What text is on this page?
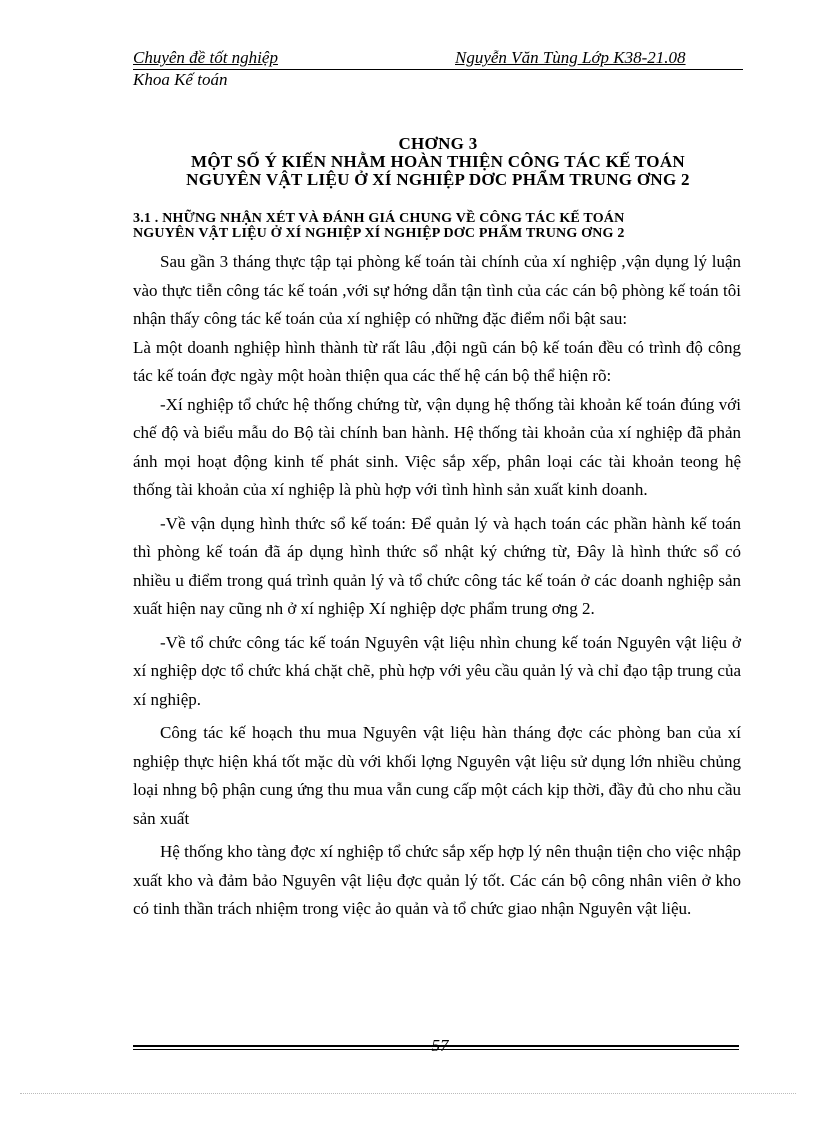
Chuyên đề tốt nghiệp	Nguyễn Văn Tùng Lớp K38-21.08
Khoa Kế toán
CHƠNG 3
MỘT SỐ Ý KIẾN NHẰM HOÀN THIỆN CÔNG TÁC KẾ TOÁN
NGUYÊN VẬT LIỆU Ở XÍ NGHIỆP DƠC PHẨM TRUNG ƠNG 2
3.1 . NHỮNG NHẬN XÉT VÀ ĐÁNH GIÁ CHUNG VỀ CÔNG TÁC KẾ TOÁN
NGUYÊN VẬT LIỆU Ở XÍ NGHIỆP XÍ NGHIỆP DƠC PHẨM TRUNG ƠNG 2

Sau gần 3 tháng thực tập tại phòng kế toán tài chính của xí nghiệp ,vận dụng lý luận vào thực tiễn công tác kế toán ,với sự hớng dẫn tận tình của các cán bộ phòng kế toán tôi nhận thấy công tác kế toán của xí nghiệp có những đặc điểm nổi bật sau:

Là một doanh nghiệp hình thành từ rất lâu ,đội ngũ cán bộ kế toán đều có trình độ công tác kế toán đợc ngày một hoàn thiện qua các thế hệ cán bộ thể hiện rõ:

-Xí nghiệp tổ chức hệ thống chứng từ, vận dụng hệ thống tài khoản kế toán đúng với chế độ và biểu mẫu do Bộ tài chính ban hành. Hệ thống tài khoản của xí nghiệp đã phản ánh mọi hoạt động kinh tế phát sinh. Việc sắp xếp, phân loại các tài khoản teong hệ thống tài khoản của xí nghiệp là phù hợp với tình hình sản xuất kinh doanh.

-Về vận dụng hình thức sổ kế toán: Để quản lý và hạch toán các phần hành kế toán thì phòng kế toán đã áp dụng hình thức sổ nhật ký chứng từ, Đây là hình thức sổ có nhiều u điểm trong quá trình quản lý và tổ chức công tác kế toán ở các doanh nghiệp sản xuất hiện nay cũng nh ở xí nghiệp Xí nghiệp dợc phẩm trung ơng 2.

-Về tổ chức công tác kế toán Nguyên vật liệu nhìn chung kế toán Nguyên vật liệu ở xí nghiệp dợc tổ chức khá chặt chẽ, phù hợp với yêu cầu quản lý và chỉ đạo tập trung của xí nghiệp.

Công tác kế hoạch thu mua Nguyên vật liệu hàn tháng đợc các phòng ban của xí nghiệp thực hiện khá tốt mặc dù với khối lợng Nguyên vật liệu sử dụng lớn nhiều chủng loại nhng bộ phận cung ứng thu mua vẫn cung cấp một cách kịp thời, đầy đủ cho nhu cầu sản xuất

Hệ thống kho tàng đợc xí nghiệp tổ chức sắp xếp hợp lý nên thuận tiện cho việc nhập xuất kho và đảm bảo Nguyên vật liệu đợc quản lý tốt. Các cán bộ công nhân viên ở kho có tinh thần trách nhiệm trong việc ảo quản và tổ chức giao nhận Nguyên vật liệu.

57
